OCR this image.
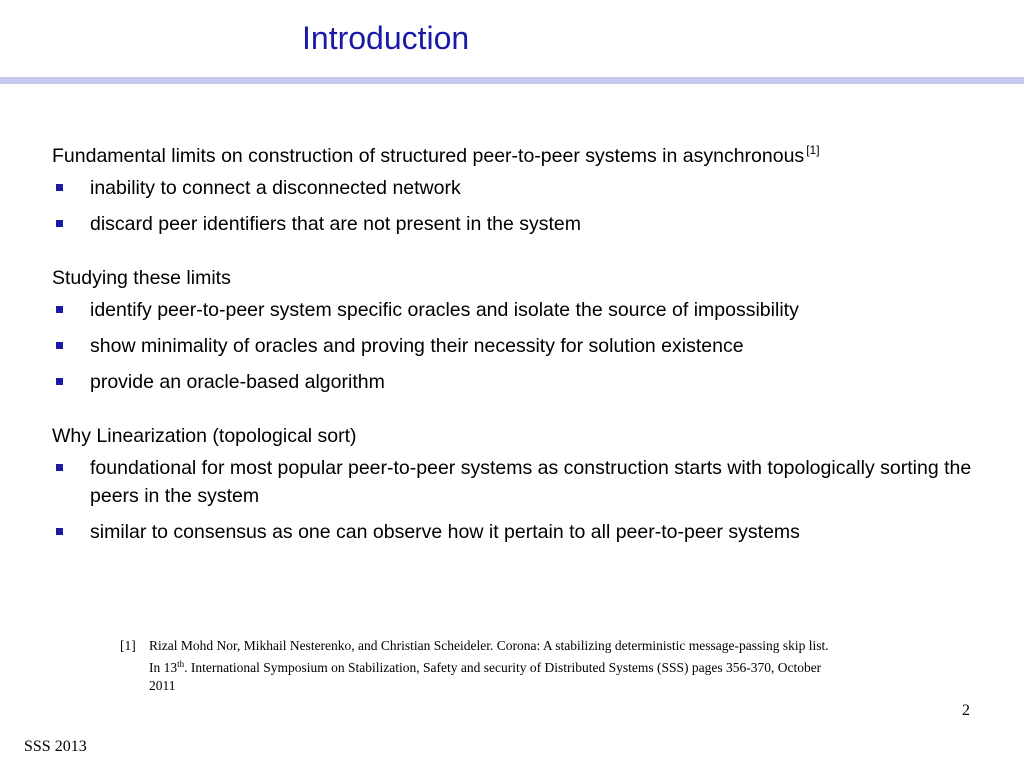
Introduction

Fundamental limits on construction of structured peer-to-peer systems in asynchronous [1]

inability to connect a disconnected network
discard peer identifiers that are not present in the system

Studying these limits

identify peer-to-peer system specific oracles and isolate the source of impossibility
show minimality of oracles and proving their necessity for solution existence
provide an oracle-based algorithm

Why Linearization (topological sort)

foundational for most popular peer-to-peer systems as construction starts with topologically sorting the peers in the system
similar to consensus as one can observe how it pertain to all peer-to-peer systems
[1] Rizal Mohd Nor, Mikhail Nesterenko, and Christian Scheideler. Corona: A stabilizing deterministic message-passing skip list. In 13th. International Symposium on Stabilization, Safety and security of Distributed Systems (SSS) pages 356-370, October 2011
2
SSS 2013
